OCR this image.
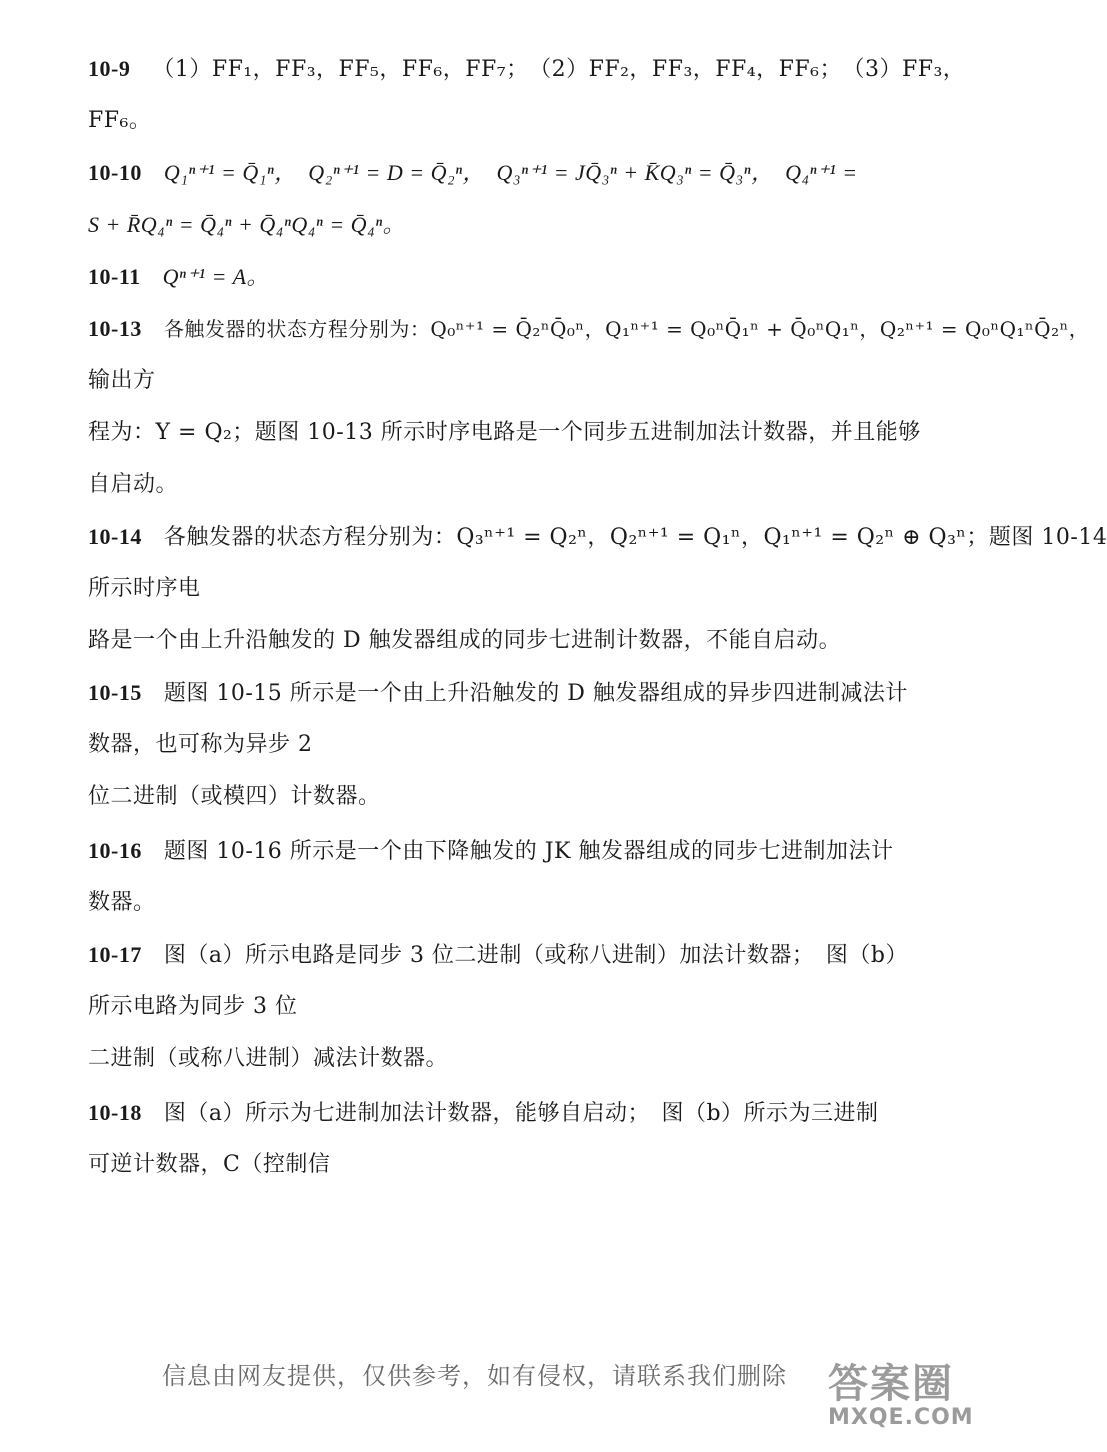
10-9 （1）FF₁，FF₃，FF₅，FF₆，FF₇；　（2）FF₂，FF₃，FF₄，FF₆；　（3）FF₃，
FF₆。
10-10 Q₁ⁿ⁺¹ = Q̄₁ⁿ，　Q₂ⁿ⁺¹ = D = Q̄₂ⁿ，　Q₃ⁿ⁺¹ = JQ̄₃ⁿ + K̄Q₃ⁿ = Q̄₃ⁿ，　Q₄ⁿ⁺¹ =
S + R̄Q₄ⁿ = Q̄₄ⁿ + Q̄₄ⁿQ₄ⁿ = Q̄₄ⁿ。
10-11 Qⁿ⁺¹ = A。
10-13 各触发器的状态方程分别为：Q₀ⁿ⁺¹ = Q̄₂ⁿQ̄₀ⁿ，Q₁ⁿ⁺¹ = Q₀ⁿQ̄₁ⁿ + Q̄₀ⁿQ₁ⁿ，Q₂ⁿ⁺¹ = Q₀ⁿQ₁ⁿQ̄₂ⁿ，
输出方
程为：Y = Q₂；题图 10-13 所示时序电路是一个同步五进制加法计数器，并且能够
自启动。
10-14 各触发器的状态方程分别为：Q₃ⁿ⁺¹ = Q₂ⁿ，Q₂ⁿ⁺¹ = Q₁ⁿ，Q₁ⁿ⁺¹ = Q₂ⁿ ⊕ Q₃ⁿ；题图 10-14
所示时序电
路是一个由上升沿触发的 D 触发器组成的同步七进制计数器，不能自启动。
10-15 题图 10-15 所示是一个由上升沿触发的 D 触发器组成的异步四进制减法计
数器，也可称为异步 2
位二进制（或模四）计数器。
10-16 题图 10-16 所示是一个由下降触发的 JK 触发器组成的同步七进制加法计
数器。
10-17 图（a）所示电路是同步 3 位二进制（或称八进制）加法计数器；　图（b）
所示电路为同步 3 位
二进制（或称八进制）减法计数器。
10-18 图（a）所示为七进制加法计数器，能够自启动；　图（b）所示为三进制
可逆计数器，C（控制信
信息由网友提供，仅供参考，如有侵权，请联系我们删除 答案圈
MXQE.COM
